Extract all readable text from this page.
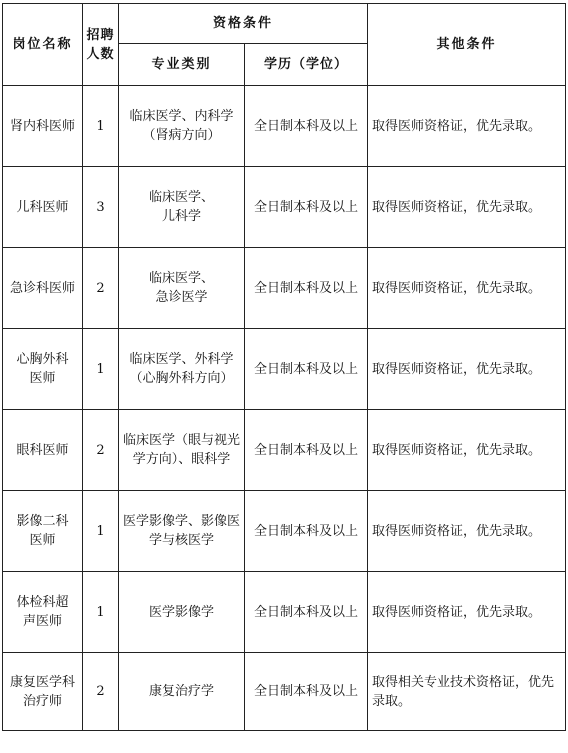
岗位名称	招聘人数	资格条件		其他条件
		专业类别	学历（学位）	
肾内科医师	1	临床医学、内科学（肾病方向）	全日制本科及以上	取得医师资格证，优先录取。
儿科医师	3	临床医学、儿科学	全日制本科及以上	取得医师资格证，优先录取。
急诊科医师	2	临床医学、急诊医学	全日制本科及以上	取得医师资格证，优先录取。
心胸外科医师	1	临床医学、外科学（心胸外科方向）	全日制本科及以上	取得医师资格证，优先录取。
眼科医师	2	临床医学（眼与视光学方向）、眼科学	全日制本科及以上	取得医师资格证，优先录取。
影像二科医师	1	医学影像学、影像医学与核医学	全日制本科及以上	取得医师资格证，优先录取。
体检科超声医师	1	医学影像学	全日制本科及以上	取得医师资格证，优先录取。
康复医学科治疗师	2	康复治疗学	全日制本科及以上	取得相关专业技术资格证，优先录取。
